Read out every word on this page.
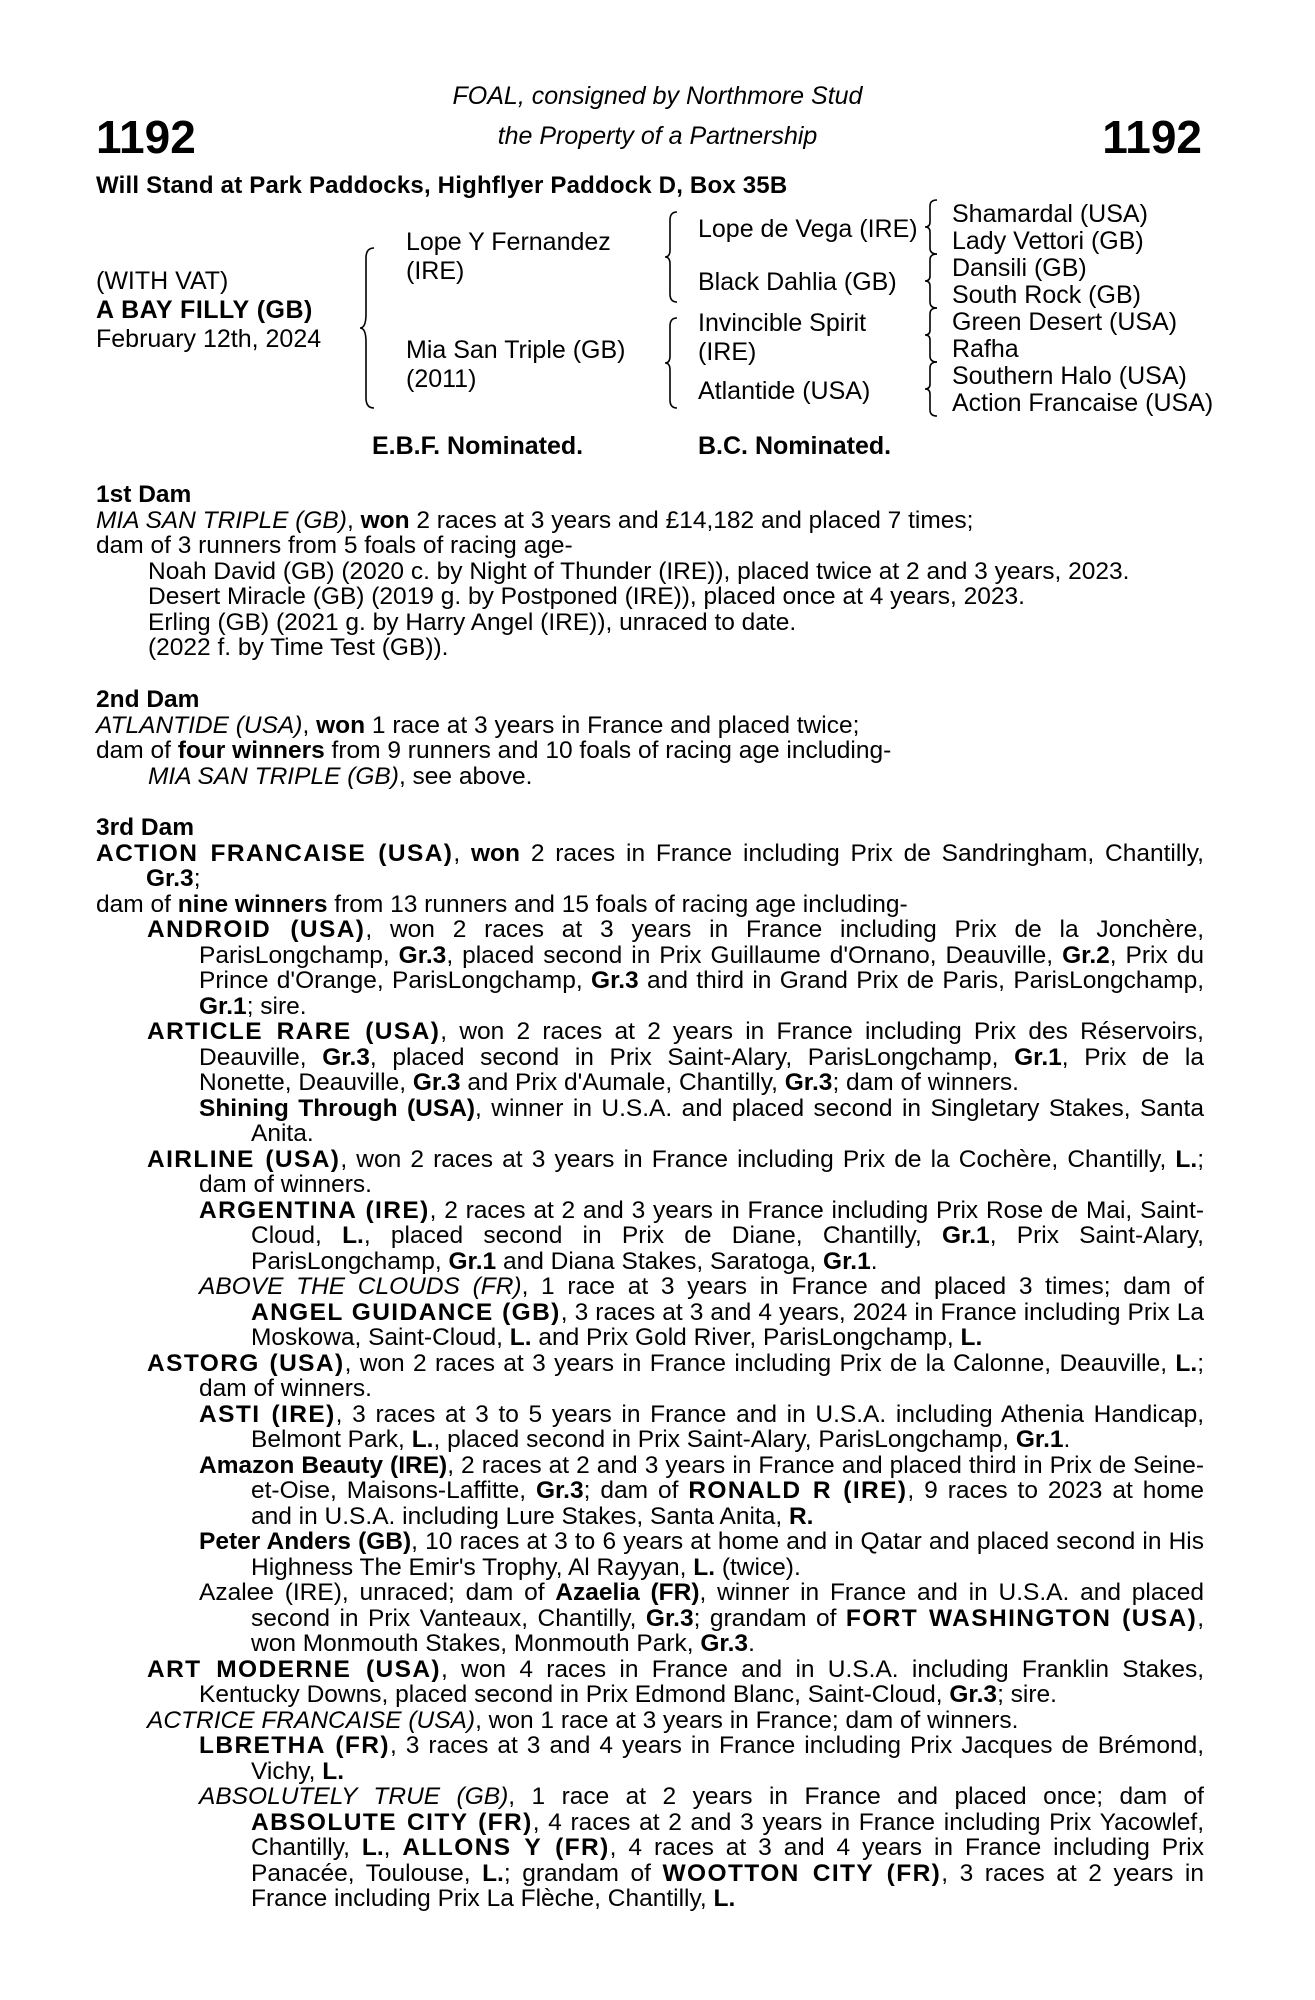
1192	1192
FOAL, consigned by Northmore Stud
the Property of a Partnership
Will Stand at Park Paddocks, Highflyer Paddock D, Box 35B
(WITH VAT)
A BAY FILLY (GB)
February 12th, 2024
Lope Y Fernandez
(IRE)
Mia San Triple (GB)
(2011)
Lope de Vega (IRE)
Black Dahlia (GB)
Invincible Spirit
(IRE)
Atlantide (USA)
Shamardal (USA)
Lady Vettori (GB)
Dansili (GB)
South Rock (GB)
Green Desert (USA)
Rafha
Southern Halo (USA)
Action Francaise (USA)
E.B.F. Nominated.	B.C. Nominated.
1st Dam

MIA SAN TRIPLE (GB), won 2 races at 3 years and £14,182 and placed 7 times;

dam of 3 runners from 5 foals of racing age-

Noah David (GB) (2020 c. by Night of Thunder (IRE)), placed twice at 2 and 3 years, 2023.

Desert Miracle (GB) (2019 g. by Postponed (IRE)), placed once at 4 years, 2023.

Erling (GB) (2021 g. by Harry Angel (IRE)), unraced to date.

(2022 f. by Time Test (GB)).

2nd Dam

ATLANTIDE (USA), won 1 race at 3 years in France and placed twice;

dam of four winners from 9 runners and 10 foals of racing age including-

MIA SAN TRIPLE (GB), see above.

3rd Dam

ACTION FRANCAISE (USA), won 2 races in France including Prix de Sandringham, Chantilly, Gr.3;

dam of nine winners from 13 runners and 15 foals of racing age including-

ANDROID (USA), won 2 races at 3 years in France including Prix de la Jonchère, ParisLongchamp, Gr.3, placed second in Prix Guillaume d'Ornano, Deauville, Gr.2, Prix du Prince d'Orange, ParisLongchamp, Gr.3 and third in Grand Prix de Paris, ParisLongchamp, Gr.1; sire.

ARTICLE RARE (USA), won 2 races at 2 years in France including Prix des Réservoirs, Deauville, Gr.3, placed second in Prix Saint-Alary, ParisLongchamp, Gr.1, Prix de la Nonette, Deauville, Gr.3 and Prix d'Aumale, Chantilly, Gr.3; dam of winners.

Shining Through (USA), winner in U.S.A. and placed second in Singletary Stakes, Santa Anita.

AIRLINE (USA), won 2 races at 3 years in France including Prix de la Cochère, Chantilly, L.; dam of winners.

ARGENTINA (IRE), 2 races at 2 and 3 years in France including Prix Rose de Mai, Saint-Cloud, L., placed second in Prix de Diane, Chantilly, Gr.1, Prix Saint-Alary, ParisLongchamp, Gr.1 and Diana Stakes, Saratoga, Gr.1.

ABOVE THE CLOUDS (FR), 1 race at 3 years in France and placed 3 times; dam of ANGEL GUIDANCE (GB), 3 races at 3 and 4 years, 2024 in France including Prix La Moskowa, Saint-Cloud, L. and Prix Gold River, ParisLongchamp, L.

ASTORG (USA), won 2 races at 3 years in France including Prix de la Calonne, Deauville, L.; dam of winners.

ASTI (IRE), 3 races at 3 to 5 years in France and in U.S.A. including Athenia Handicap, Belmont Park, L., placed second in Prix Saint-Alary, ParisLongchamp, Gr.1.

Amazon Beauty (IRE), 2 races at 2 and 3 years in France and placed third in Prix de Seine-et-Oise, Maisons-Laffitte, Gr.3; dam of RONALD R (IRE), 9 races to 2023 at home and in U.S.A. including Lure Stakes, Santa Anita, R.

Peter Anders (GB), 10 races at 3 to 6 years at home and in Qatar and placed second in His Highness The Emir's Trophy, Al Rayyan, L. (twice).

Azalee (IRE), unraced; dam of Azaelia (FR), winner in France and in U.S.A. and placed second in Prix Vanteaux, Chantilly, Gr.3; grandam of FORT WASHINGTON (USA), won Monmouth Stakes, Monmouth Park, Gr.3.

ART MODERNE (USA), won 4 races in France and in U.S.A. including Franklin Stakes, Kentucky Downs, placed second in Prix Edmond Blanc, Saint-Cloud, Gr.3; sire.

ACTRICE FRANCAISE (USA), won 1 race at 3 years in France; dam of winners.

LBRETHA (FR), 3 races at 3 and 4 years in France including Prix Jacques de Brémond, Vichy, L.

ABSOLUTELY TRUE (GB), 1 race at 2 years in France and placed once; dam of ABSOLUTE CITY (FR), 4 races at 2 and 3 years in France including Prix Yacowlef, Chantilly, L., ALLONS Y (FR), 4 races at 3 and 4 years in France including Prix Panacée, Toulouse, L.; grandam of WOOTTON CITY (FR), 3 races at 2 years in France including Prix La Flèche, Chantilly, L.
